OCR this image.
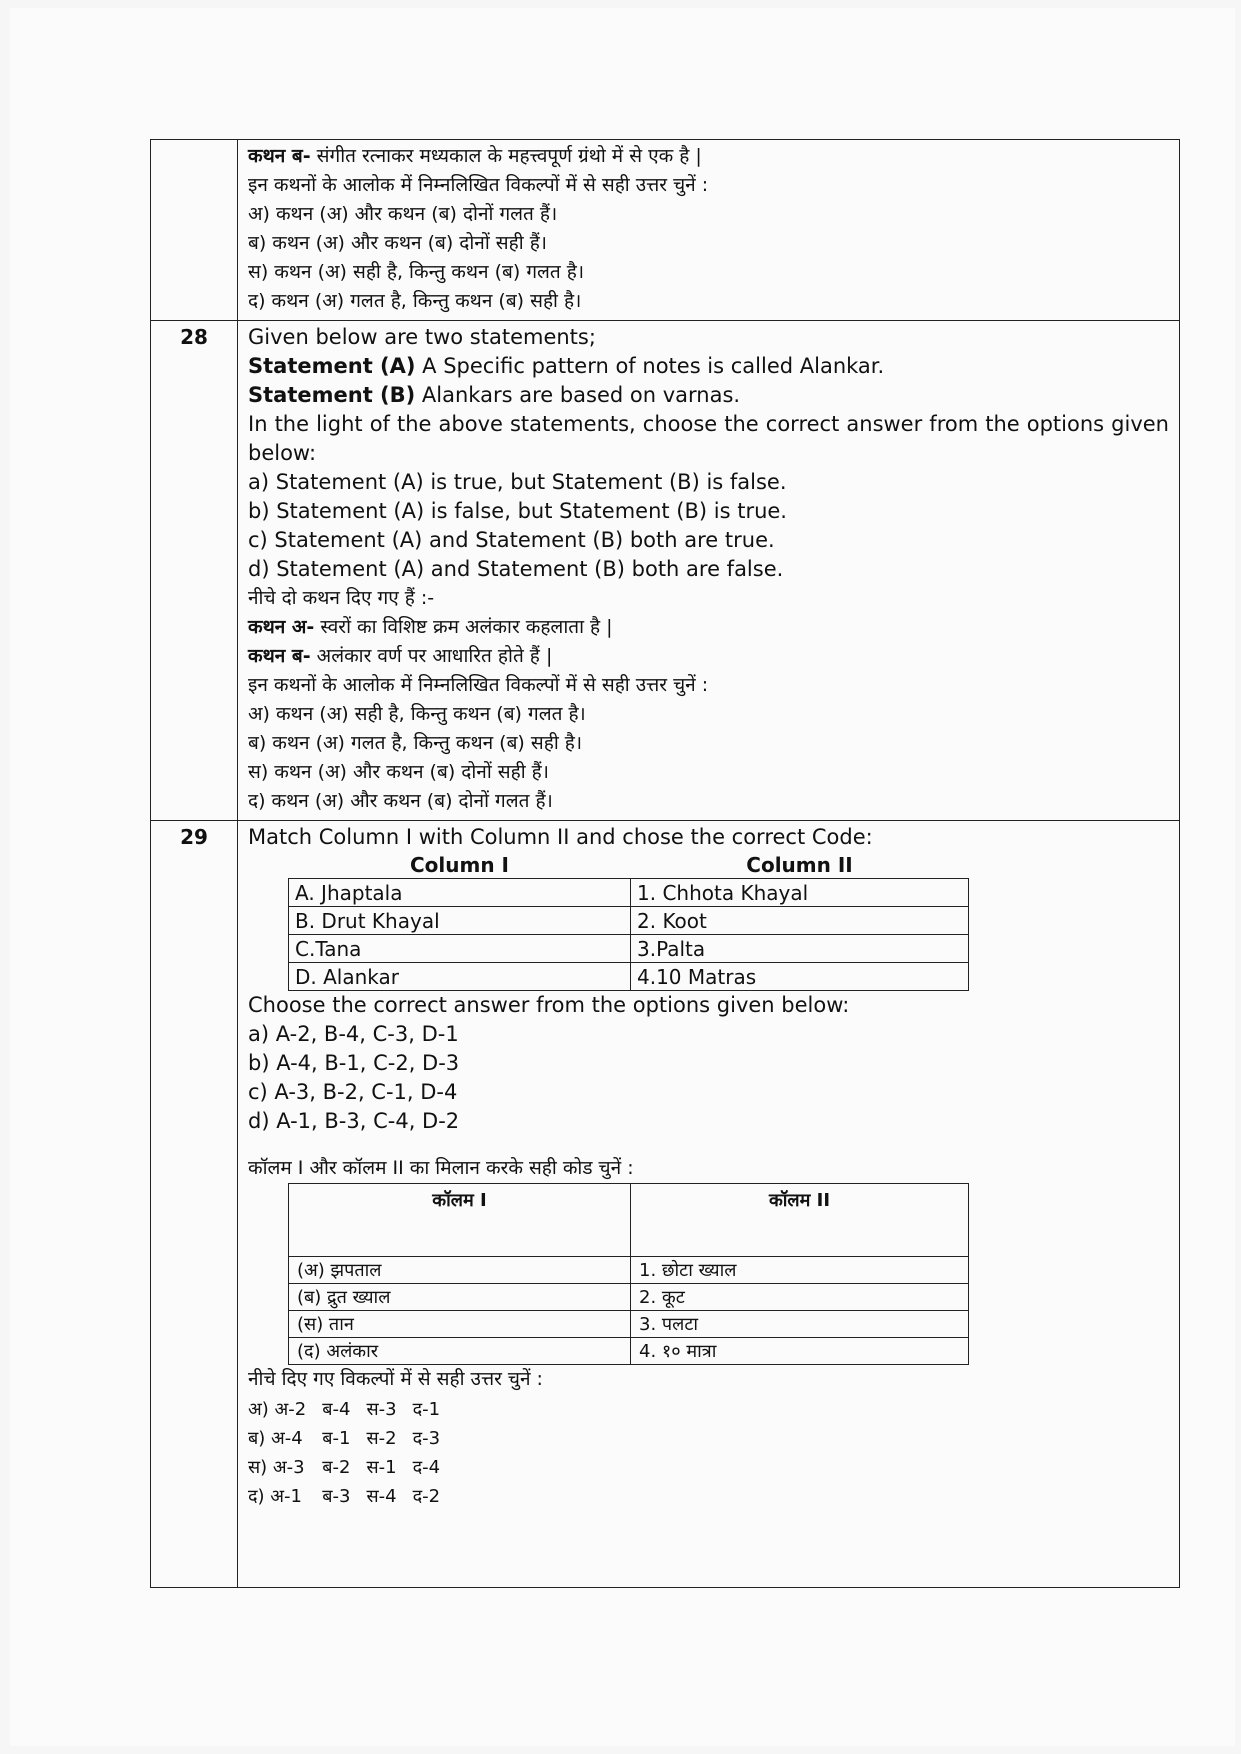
कथन ब- संगीत रत्नाकर मध्यकाल के महत्त्वपूर्ण ग्रंथो में से एक है |
इन कथनों के आलोक में निम्नलिखित विकल्पों में से सही उत्तर चुनें :
अ) कथन (अ) और कथन (ब) दोनों गलत हैं।
ब) कथन (अ) और कथन (ब) दोनों सही हैं।
स) कथन (अ) सही है, किन्तु कथन (ब) गलत है।
द) कथन (अ) गलत है, किन्तु कथन (ब) सही है।

28	Given below are two statements;
Statement (A) A Specific pattern of notes is called Alankar.
Statement (B) Alankars are based on varnas.
In the light of the above statements, choose the correct answer from the options given below:
a) Statement (A) is true, but Statement (B) is false.
b) Statement (A) is false, but Statement (B) is true.
c) Statement (A) and Statement (B) both are true.
d) Statement (A) and Statement (B) both are false.
नीचे दो कथन दिए गए हैं :-
कथन अ- स्वरों का विशिष्ट क्रम अलंकार कहलाता है |
कथन ब- अलंकार वर्ण पर आधारित होते हैं |
इन कथनों के आलोक में निम्नलिखित विकल्पों में से सही उत्तर चुनें :
अ) कथन (अ) सही है, किन्तु कथन (ब) गलत है।
ब) कथन (अ) गलत है, किन्तु कथन (ब) सही है।
स) कथन (अ) और कथन (ब) दोनों सही हैं।
द) कथन (अ) और कथन (ब) दोनों गलत हैं।

29	Match Column I with Column II and chose the correct Code:
Column I	Column II
A. Jhaptala	1. Chhota Khayal
B. Drut Khayal	2. Koot
C.Tana	3.Palta
D. Alankar	4.10 Matras
Choose the correct answer from the options given below:
a) A-2, B-4, C-3, D-1
b) A-4, B-1, C-2, D-3
c) A-3, B-2, C-1, D-4
d) A-1, B-3, C-4, D-2
कॉलम I और कॉलम II का मिलान करके सही कोड चुनें :
कॉलम I	कॉलम II
(अ) झपताल	1. छोटा ख्याल
(ब) द्रुत ख्याल	2. कूट
(स) तान	3. पलटा
(द) अलंकार	4. १० मात्रा
नीचे दिए गए विकल्पों में से सही उत्तर चुनें :
अ) अ-2	ब-4	स-3	द-1
ब) अ-4	ब-1	स-2	द-3
स) अ-3	ब-2	स-1	द-4
द) अ-1	ब-3	स-4	द-2
